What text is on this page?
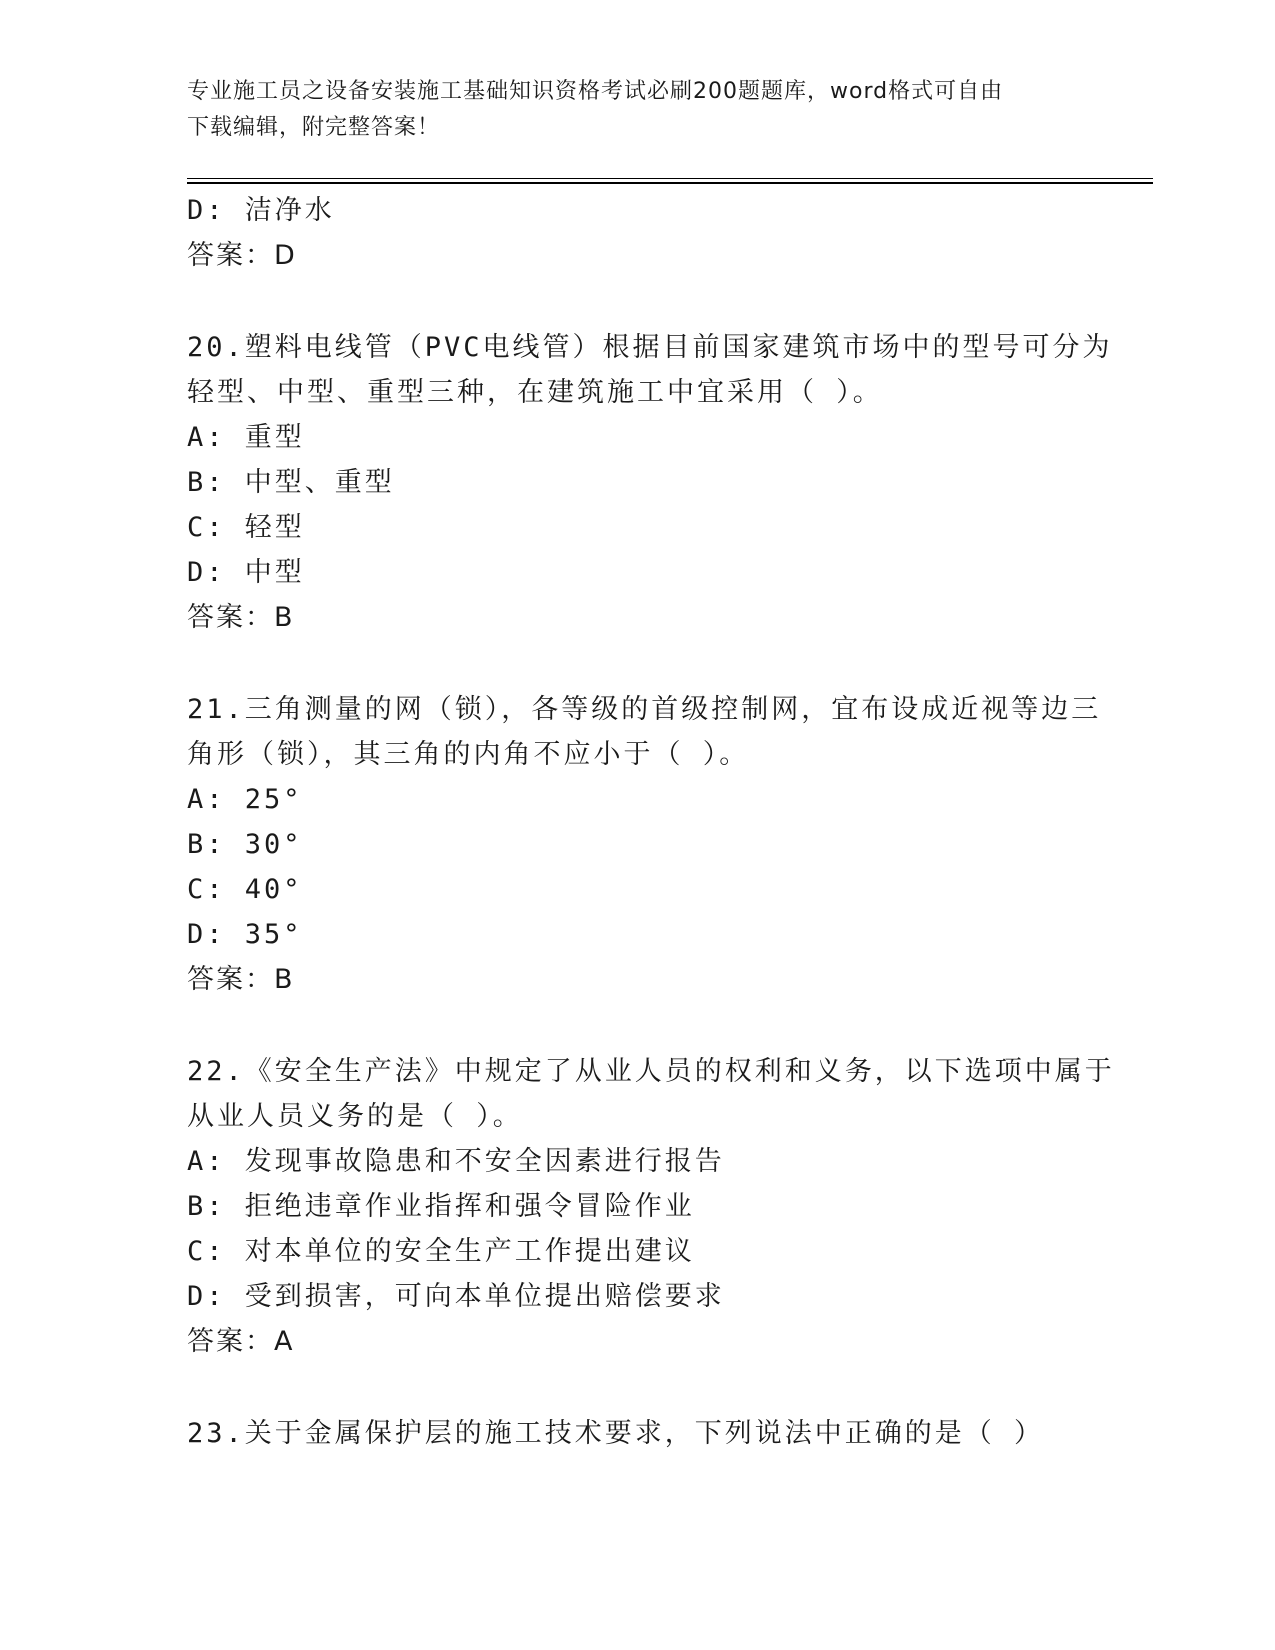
专业施工员之设备安装施工基础知识资格考试必刷200题题库，word格式可自由
下载编辑，附完整答案！
D: 洁净水
答案：D
20.塑料电线管（PVC电线管）根据目前国家建筑市场中的型号可分为
轻型、中型、重型三种，在建筑施工中宜采用（ ）。
A: 重型
B: 中型、重型
C: 轻型
D: 中型
答案：B
21.三角测量的网（锁），各等级的首级控制网，宜布设成近视等边三
角形（锁），其三角的内角不应小于（ ）。
A: 25°
B: 30°
C: 40°
D: 35°
答案：B
22.《安全生产法》中规定了从业人员的权利和义务，以下选项中属于
从业人员义务的是（ ）。
A: 发现事故隐患和不安全因素进行报告
B: 拒绝违章作业指挥和强令冒险作业
C: 对本单位的安全生产工作提出建议
D: 受到损害，可向本单位提出赔偿要求
答案：A
23.关于金属保护层的施工技术要求，下列说法中正确的是（ ）
